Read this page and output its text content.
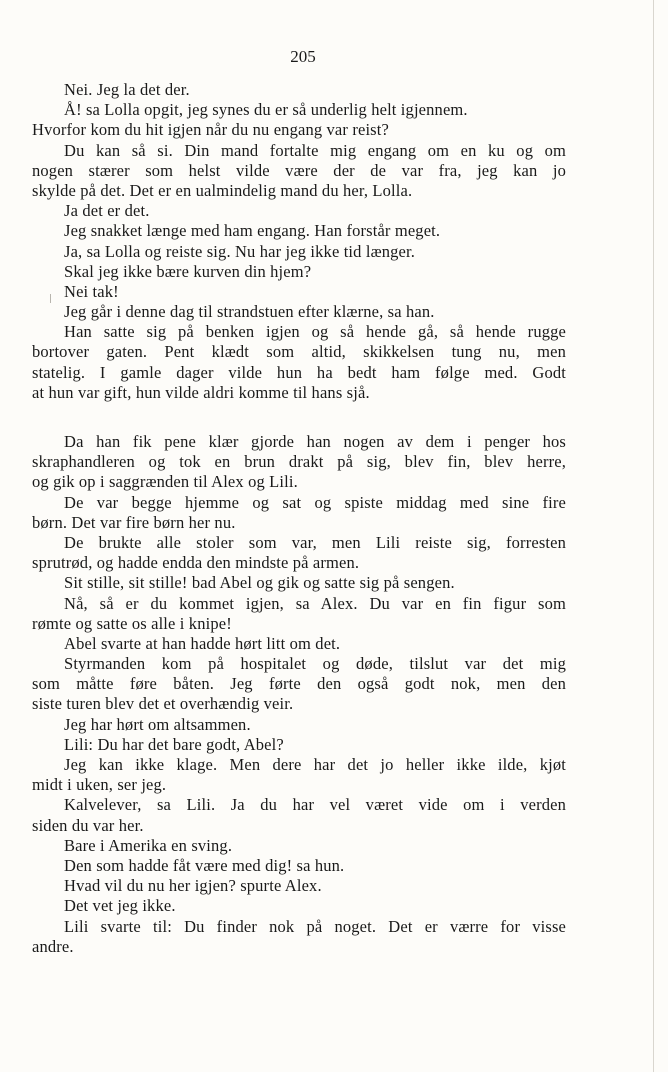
205
Nei. Jeg la det der.
Å! sa Lolla opgit, jeg synes du er så underlig helt igjennem.
Hvorfor kom du hit igjen når du nu engang var reist?
Du kan så si. Din mand fortalte mig engang om en ku og om
nogen stærer som helst vilde være der de var fra, jeg kan jo
skylde på det. Det er en ualmindelig mand du her, Lolla.
Ja det er det.
Jeg snakket længe med ham engang. Han forstår meget.
Ja, sa Lolla og reiste sig. Nu har jeg ikke tid længer.
Skal jeg ikke bære kurven din hjem?
Nei tak!
Jeg går i denne dag til strandstuen efter klærne, sa han.
Han satte sig på benken igjen og så hende gå, så hende rugge
bortover gaten. Pent klædt som altid, skikkelsen tung nu, men
statelig. I gamle dager vilde hun ha bedt ham følge med. Godt
at hun var gift, hun vilde aldri komme til hans sjå.
Da han fik pene klær gjorde han nogen av dem i penger hos
skraphandleren og tok en brun drakt på sig, blev fin, blev herre,
og gik op i saggrænden til Alex og Lili.
De var begge hjemme og sat og spiste middag med sine fire
børn. Det var fire børn her nu.
De brukte alle stoler som var, men Lili reiste sig, forresten
sprutrød, og hadde endda den mindste på armen.
Sit stille, sit stille! bad Abel og gik og satte sig på sengen.
Nå, så er du kommet igjen, sa Alex. Du var en fin figur som
rømte og satte os alle i knipe!
Abel svarte at han hadde hørt litt om det.
Styrmanden kom på hospitalet og døde, tilslut var det mig
som måtte føre båten. Jeg førte den også godt nok, men den
siste turen blev det et overhændig veir.
Jeg har hørt om altsammen.
Lili: Du har det bare godt, Abel?
Jeg kan ikke klage. Men dere har det jo heller ikke ilde, kjøt
midt i uken, ser jeg.
Kalvelever, sa Lili. Ja du har vel været vide om i verden
siden du var her.
Bare i Amerika en sving.
Den som hadde fåt være med dig! sa hun.
Hvad vil du nu her igjen? spurte Alex.
Det vet jeg ikke.
Lili svarte til: Du finder nok på noget. Det er værre for visse
andre.
